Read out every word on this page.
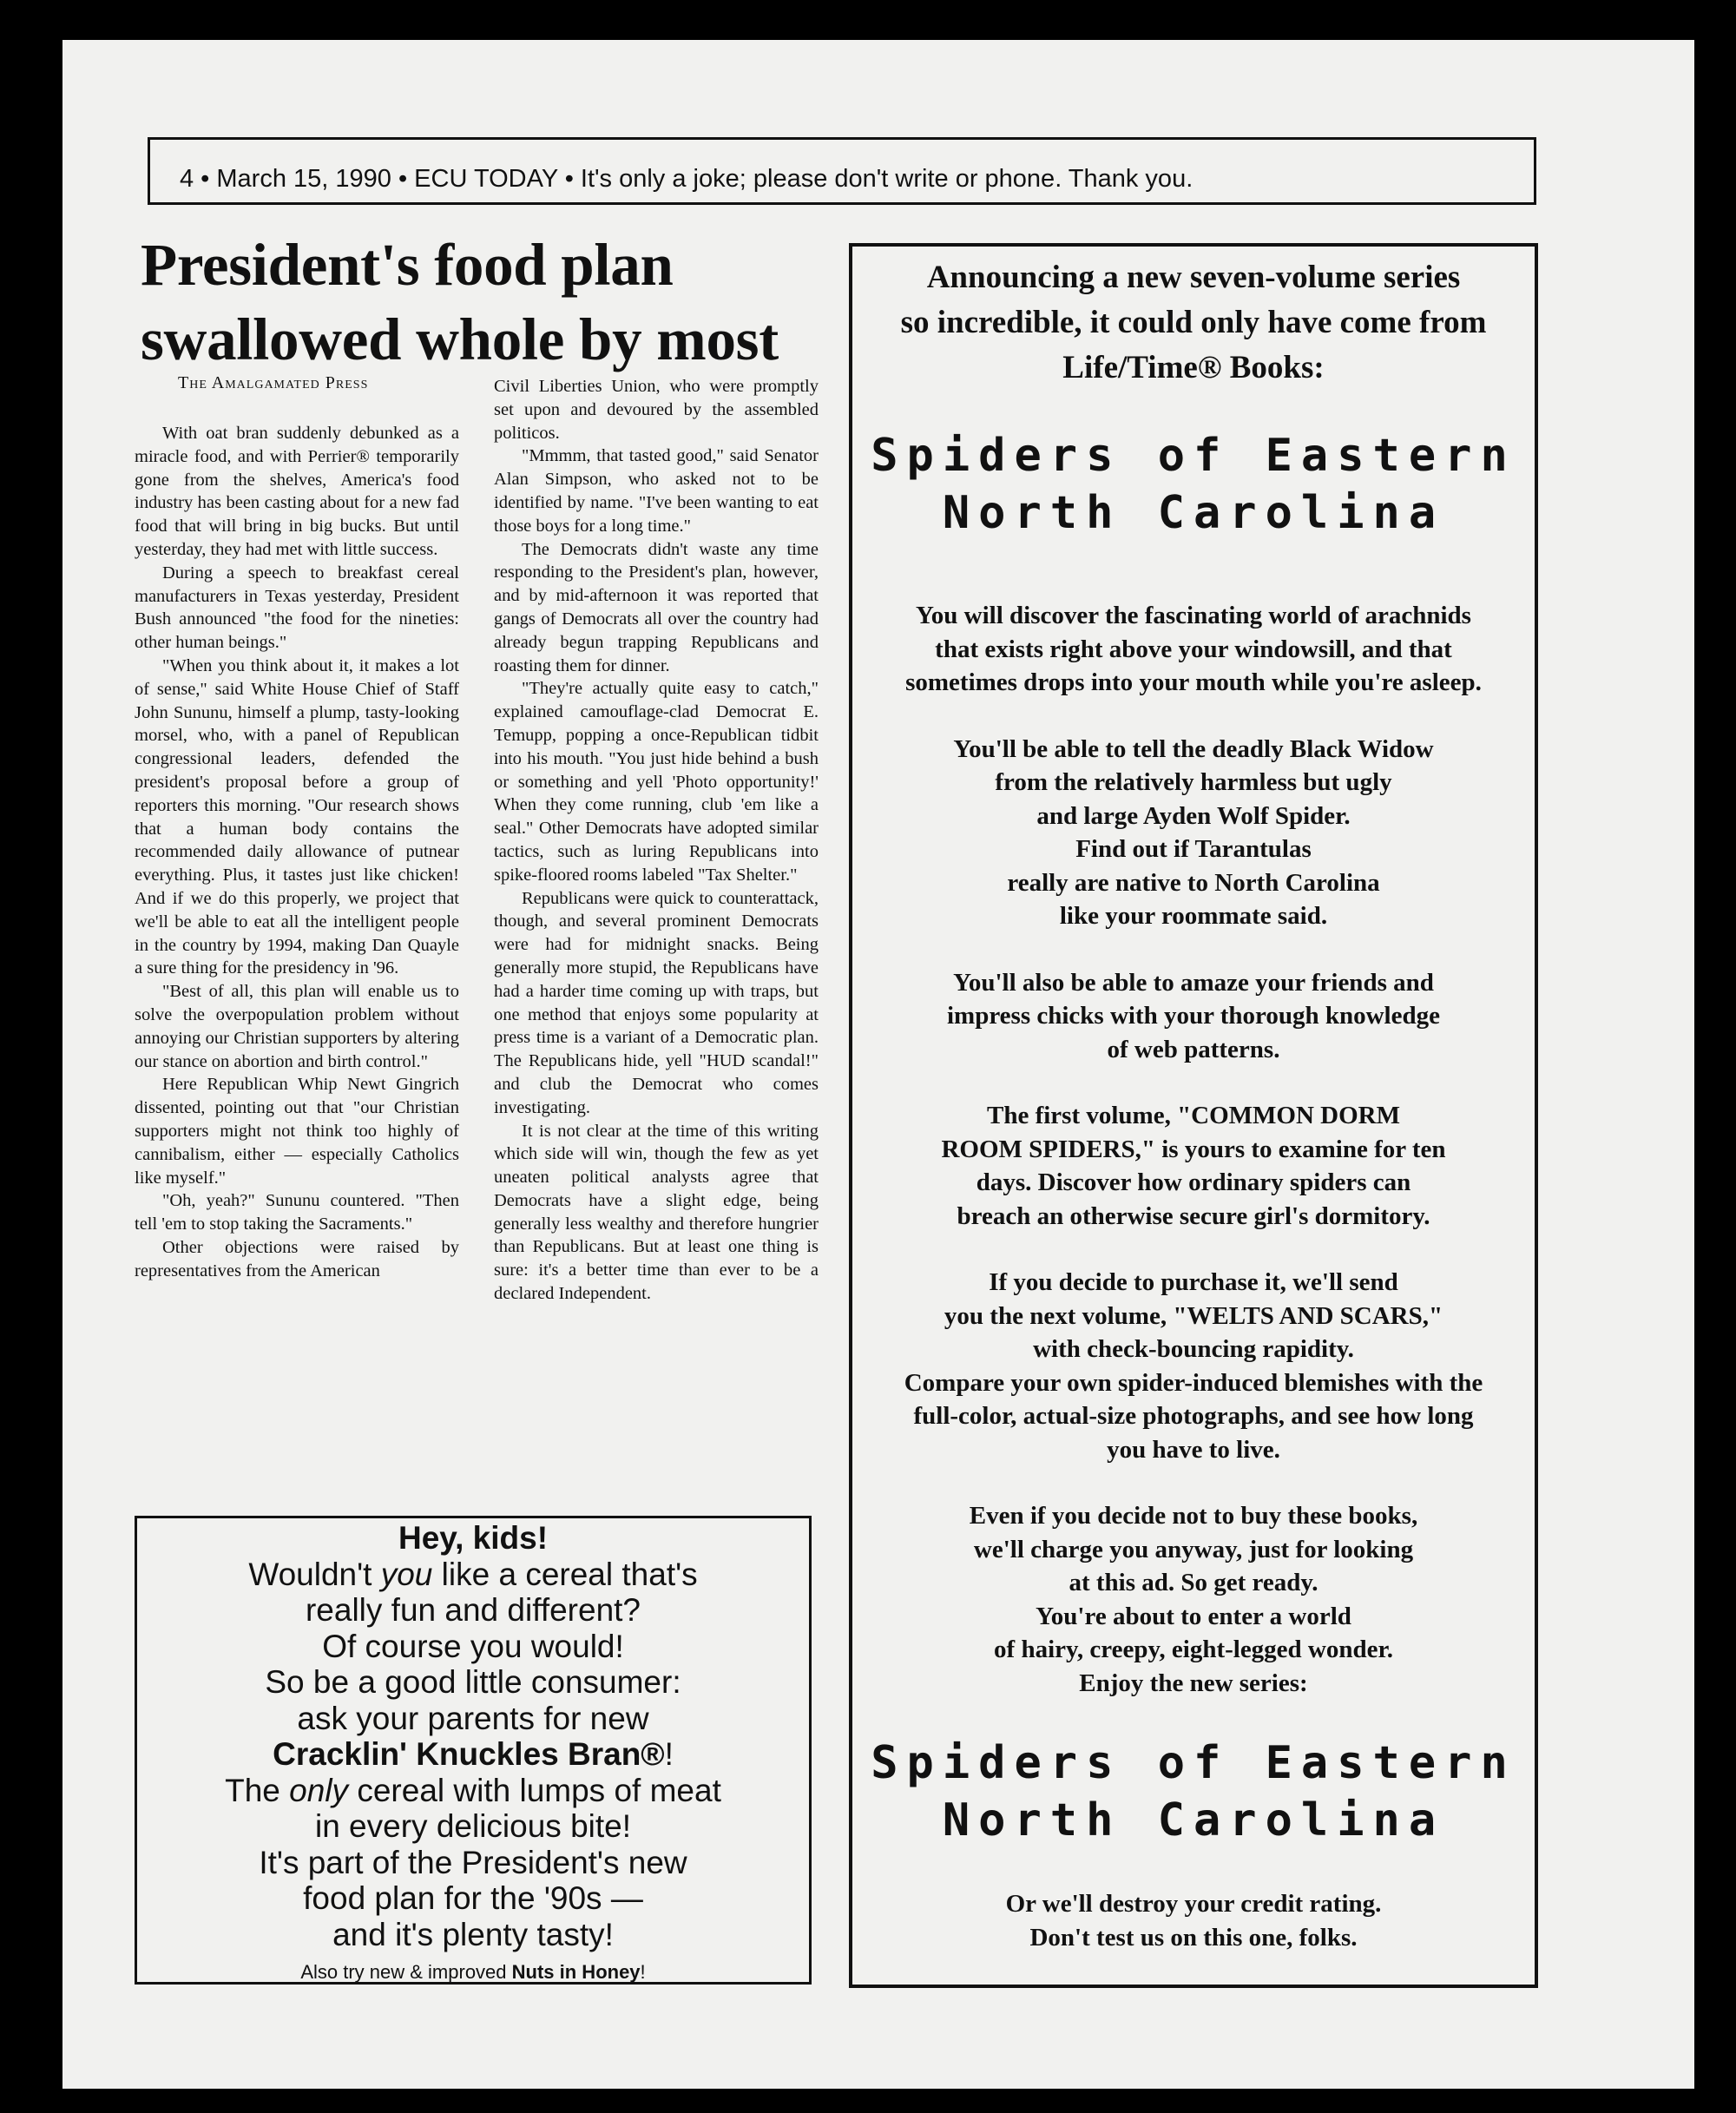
4 • March 15, 1990 • ECU TODAY • It's only a joke; please don't write or phone. Thank you.
President's food plan swallowed whole by most
The Amalgamated Press

With oat bran suddenly debunked as a miracle food, and with Perrier® temporarily gone from the shelves, America's food industry has been casting about for a new fad food that will bring in big bucks. But until yesterday, they had met with little success.

During a speech to breakfast cereal manufacturers in Texas yesterday, President Bush announced "the food for the nineties: other human beings."

"When you think about it, it makes a lot of sense," said White House Chief of Staff John Sununu, himself a plump, tasty-looking morsel, who, with a panel of Republican congressional leaders, defended the president's proposal before a group of reporters this morning. "Our research shows that a human body contains the recommended daily allowance of putnear everything. Plus, it tastes just like chicken! And if we do this properly, we project that we'll be able to eat all the intelligent people in the country by 1994, making Dan Quayle a sure thing for the presidency in '96.

"Best of all, this plan will enable us to solve the overpopulation problem without annoying our Christian supporters by altering our stance on abortion and birth control."

Here Republican Whip Newt Gingrich dissented, pointing out that "our Christian supporters might not think too highly of cannibalism, either — especially Catholics like myself."

"Oh, yeah?" Sununu countered. "Then tell 'em to stop taking the Sacraments."

Other objections were raised by representatives from the American

Civil Liberties Union, who were promptly set upon and devoured by the assembled politicos.

"Mmmm, that tasted good," said Senator Alan Simpson, who asked not to be identified by name. "I've been wanting to eat those boys for a long time."

The Democrats didn't waste any time responding to the President's plan, however, and by mid-afternoon it was reported that gangs of Democrats all over the country had already begun trapping Republicans and roasting them for dinner.

"They're actually quite easy to catch," explained camouflage-clad Democrat E. Temupp, popping a once-Republican tidbit into his mouth. "You just hide behind a bush or something and yell 'Photo opportunity!' When they come running, club 'em like a seal." Other Democrats have adopted similar tactics, such as luring Republicans into spike-floored rooms labeled "Tax Shelter."

Republicans were quick to counterattack, though, and several prominent Democrats were had for midnight snacks. Being generally more stupid, the Republicans have had a harder time coming up with traps, but one method that enjoys some popularity at press time is a variant of a Democratic plan. The Republicans hide, yell "HUD scandal!" and club the Democrat who comes investigating.

It is not clear at the time of this writing which side will win, though the few as yet uneaten political analysts agree that Democrats have a slight edge, being generally less wealthy and therefore hungrier than Republicans. But at least one thing is sure: it's a better time than ever to be a declared Independent.

Hey, kids!
Wouldn't you like a cereal that's
really fun and different?
Of course you would!
So be a good little consumer:
ask your parents for new
Cracklin' Knuckles Bran®!
The only cereal with lumps of meat
in every delicious bite!
It's part of the President's new
food plan for the '90s —
and it's plenty tasty!
Also try new & improved Nuts in Honey!
Announcing a new seven-volume series
so incredible, it could only have come from
Life/Time® Books:
Spiders of Eastern
North Carolina
You will discover the fascinating world of arachnids
that exists right above your windowsill, and that
sometimes drops into your mouth while you're asleep.
You'll be able to tell the deadly Black Widow
from the relatively harmless but ugly
and large Ayden Wolf Spider.
Find out if Tarantulas
really are native to North Carolina
like your roommate said.
You'll also be able to amaze your friends and
impress chicks with your thorough knowledge
of web patterns.
The first volume, "COMMON DORM
ROOM SPIDERS," is yours to examine for ten
days. Discover how ordinary spiders can
breach an otherwise secure girl's dormitory.
If you decide to purchase it, we'll send
you the next volume, "WELTS AND SCARS,"
with check-bouncing rapidity.
Compare your own spider-induced blemishes with the
full-color, actual-size photographs, and see how long
you have to live.
Even if you decide not to buy these books,
we'll charge you anyway, just for looking
at this ad. So get ready.
You're about to enter a world
of hairy, creepy, eight-legged wonder.
Enjoy the new series:
Spiders of Eastern
North Carolina
Or we'll destroy your credit rating.
Don't test us on this one, folks.
